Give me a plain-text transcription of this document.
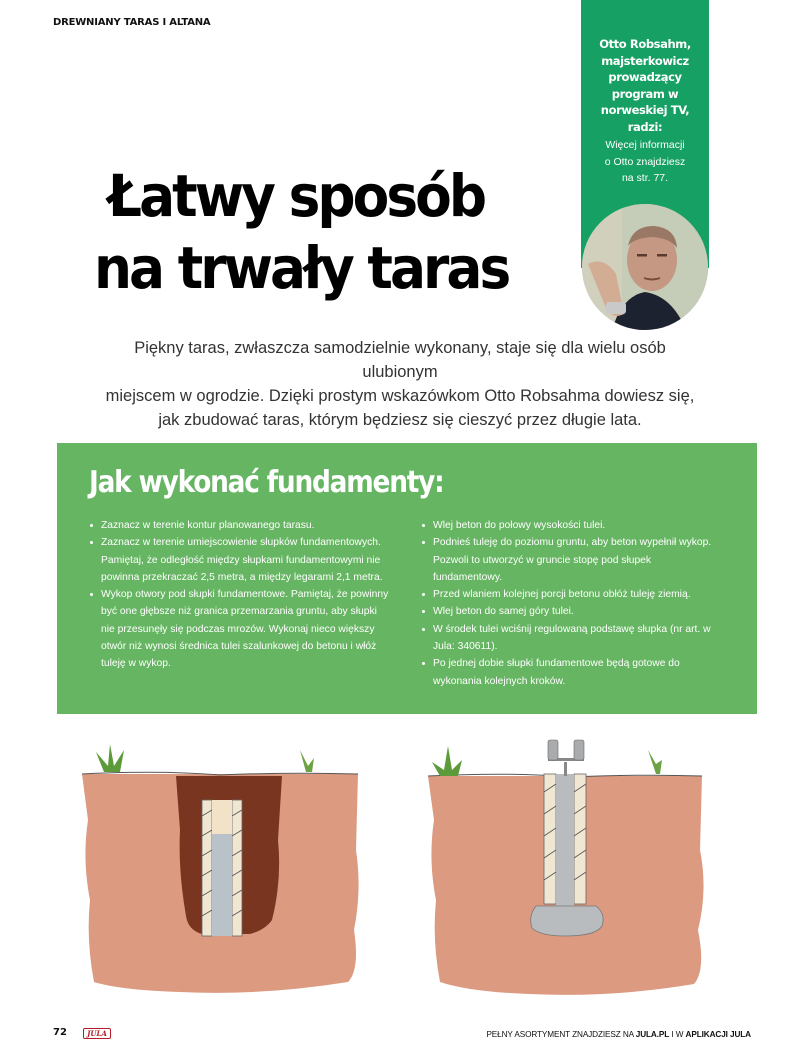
DREWNIANY TARAS I ALTANA
Otto Robsahm,
majsterkowicz
prowadzący
program w
norweskiej TV,
radzi:
Więcej informacji
o Otto znajdziesz
na str. 77.
Łatwy sposób
na trwały taras
Piękny taras, zwłaszcza samodzielnie wykonany, staje się dla wielu osób ulubionym
miejscem w ogrodzie. Dzięki prostym wskazówkom Otto Robsahma dowiesz się,
jak zbudować taras, którym będziesz się cieszyć przez długie lata.
Jak wykonać fundamenty:
Zaznacz w terenie kontur planowanego tarasu.
Zaznacz w terenie umiejscowienie słupków fundamentowych. Pamiętaj, że odległość między słupkami fundamentowymi nie powinna przekraczać 2,5 metra, a między legarami 2,1 metra.
Wykop otwory pod słupki fundamentowe. Pamiętaj, że powinny być one głębsze niż granica przemarzania gruntu, aby słupki nie przesunęły się podczas mrozów. Wykonaj nieco większy otwór niż wynosi średnica tulei szalunkowej do betonu i włóż tuleję w wykop.
Wlej beton do połowy wysokości tulei.
Podnieś tuleję do poziomu gruntu, aby beton wypełnił wykop. Pozwoli to utworzyć w gruncie stopę pod słupek fundamentowy.
Przed wlaniem kolejnej porcji betonu obłóż tuleję ziemią.
Wlej beton do samej góry tulei.
W środek tulei wciśnij regulowaną podstawę słupka (nr art. w Jula: 340611).
Po jednej dobie słupki fundamentowe będą gotowe do wykonania kolejnych kroków.
72	JULA	PEŁNY ASORTYMENT ZNAJDZIESZ NA JULA.PL I W APLIKACJI JULA
